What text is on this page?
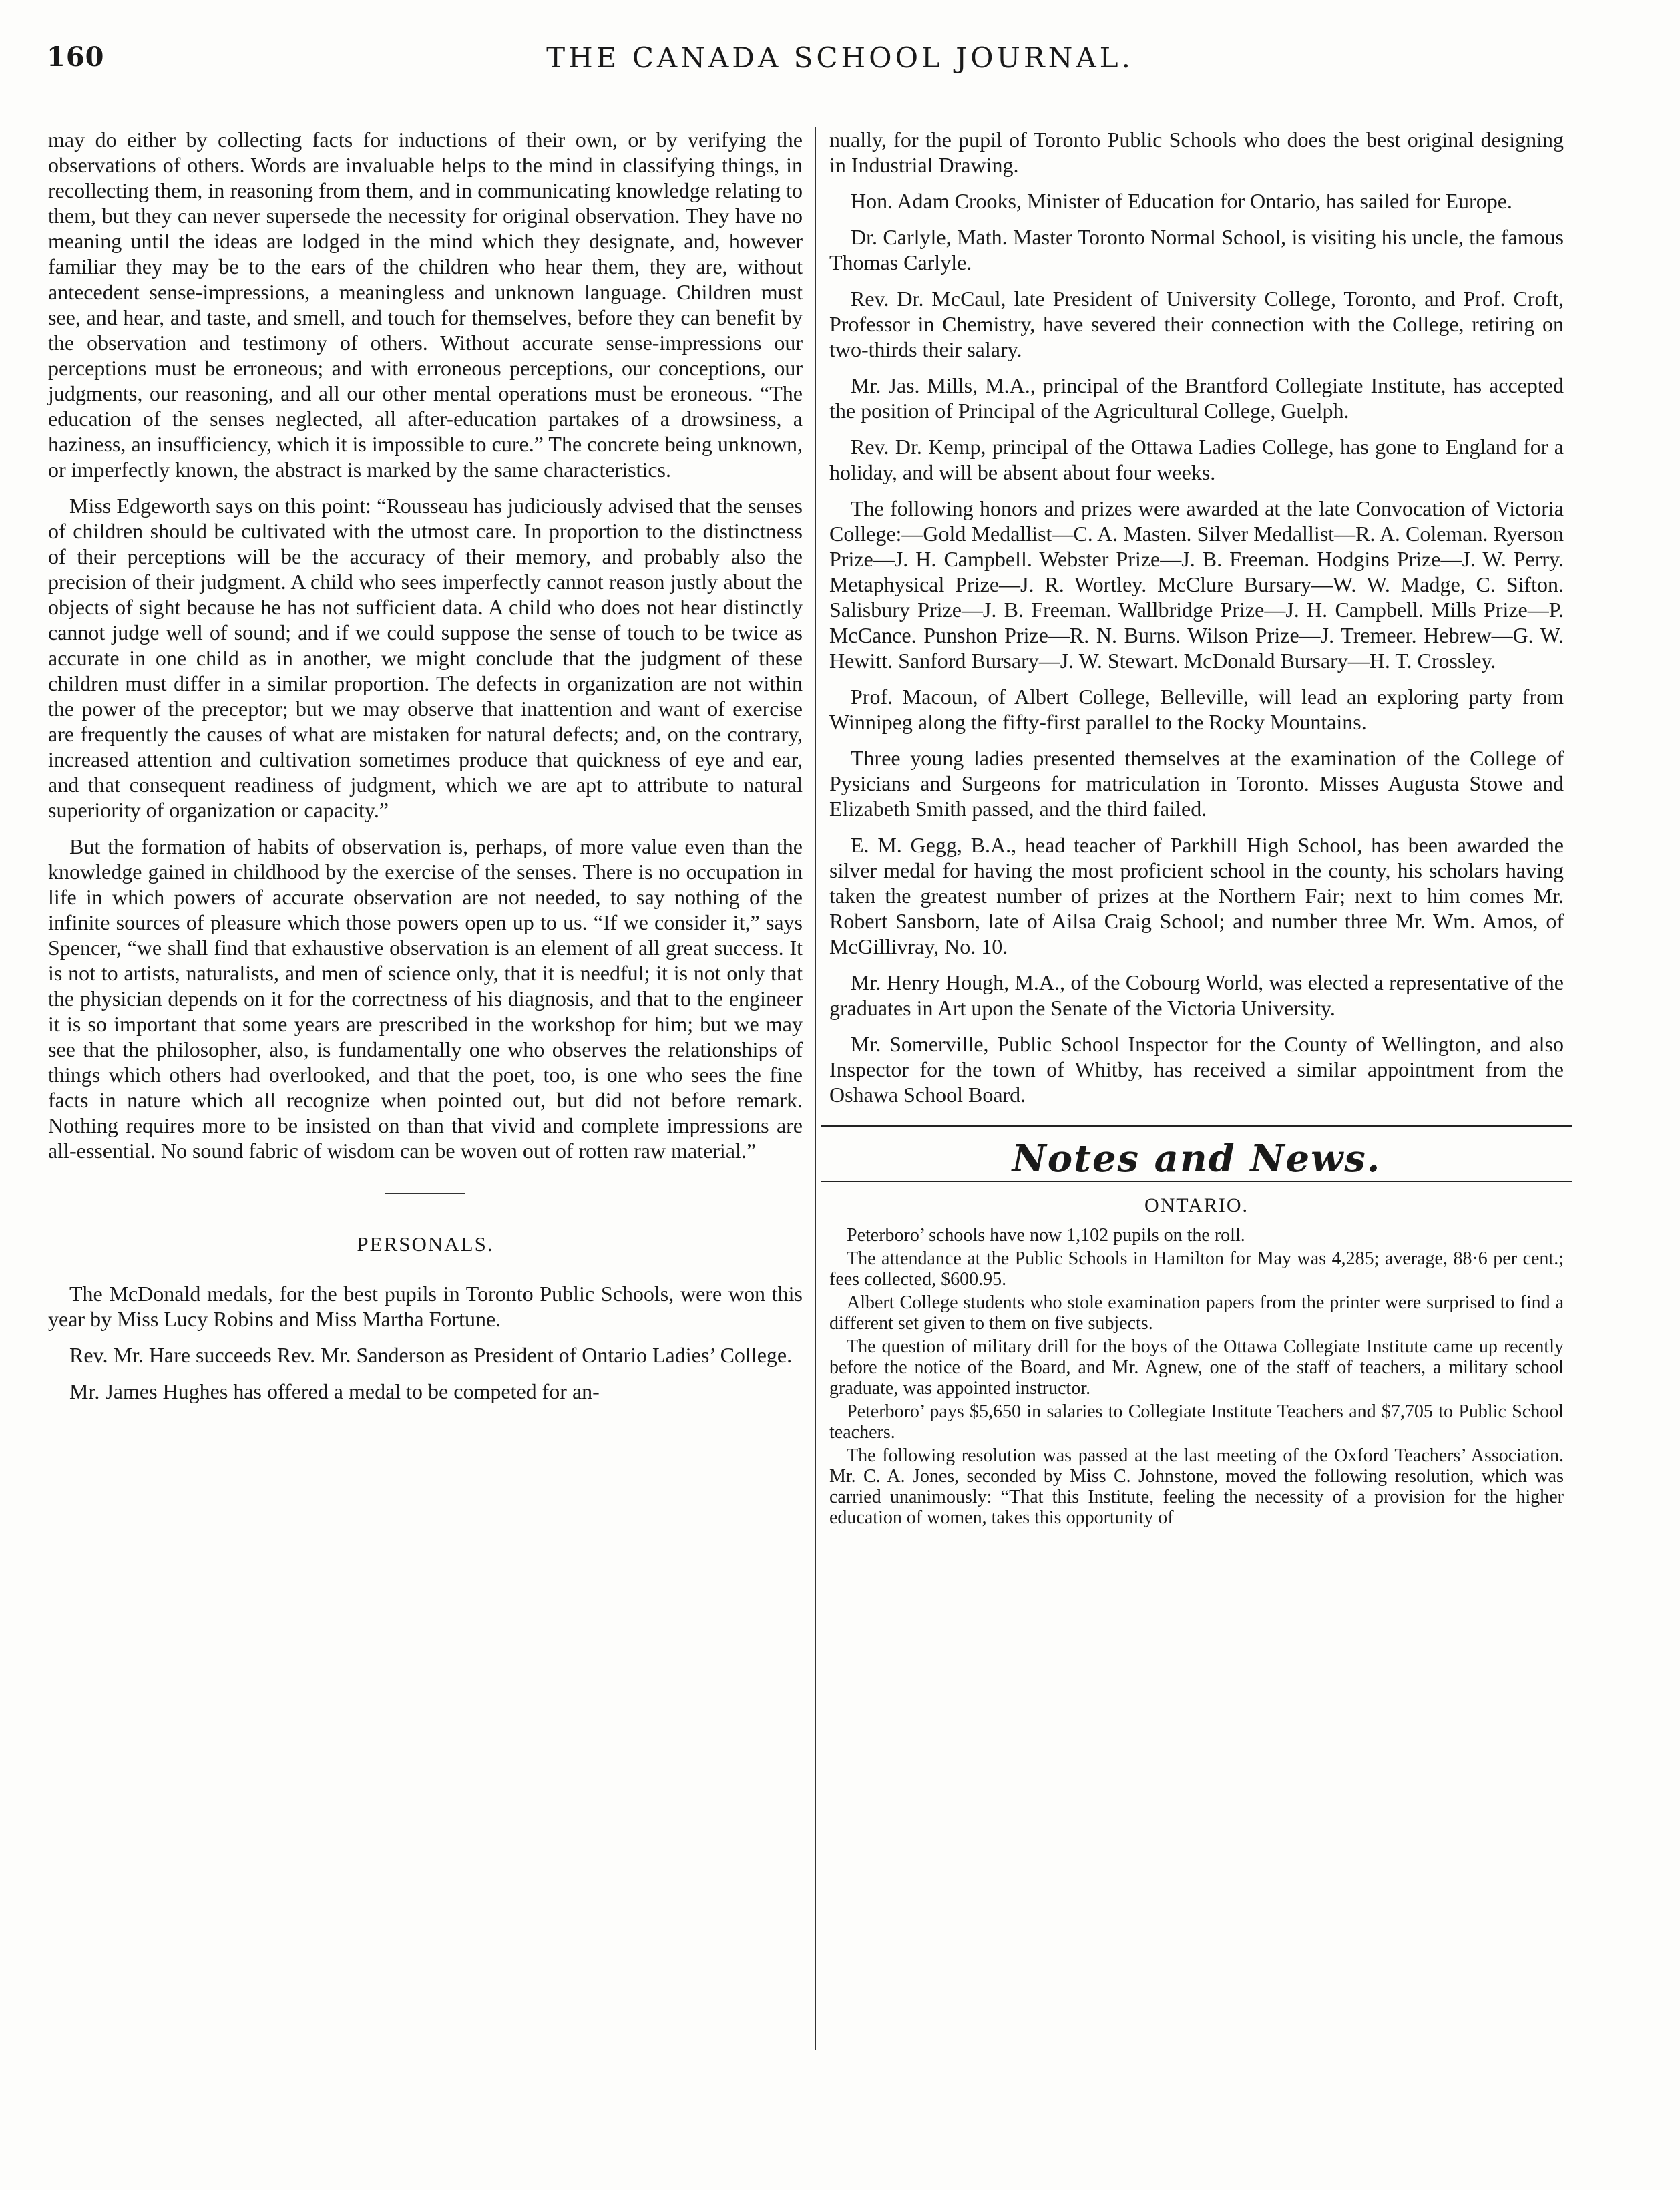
160	THE CANADA SCHOOL JOURNAL.

may do either by collecting facts for inductions of their own, or by verifying the observations of others. Words are invaluable helps to the mind in classifying things, in recollecting them, in reasoning from them, and in communicating knowledge relating to them, but they can never supersede the necessity for original observation. They have no meaning until the ideas are lodged in the mind which they designate, and, however familiar they may be to the ears of the children who hear them, they are, without antecedent sense-impressions, a meaningless and unknown language. Children must see, and hear, and taste, and smell, and touch for themselves, before they can benefit by the observation and testimony of others. Without accurate sense-impressions our perceptions must be erroneous; and with erroneous perceptions, our conceptions, our judgments, our reasoning, and all our other mental operations must be eroneous. “The education of the senses neglected, all after-education partakes of a drowsiness, a haziness, an insufficiency, which it is impossible to cure.” The concrete being unknown, or imperfectly known, the abstract is marked by the same characteristics.

Miss Edgeworth says on this point: “Rousseau has judiciously advised that the senses of children should be cultivated with the utmost care. In proportion to the distinctness of their perceptions will be the accuracy of their memory, and probably also the precision of their judgment. A child who sees imperfectly cannot reason justly about the objects of sight because he has not sufficient data. A child who does not hear distinctly cannot judge well of sound; and if we could suppose the sense of touch to be twice as accurate in one child as in another, we might conclude that the judgment of these children must differ in a similar proportion. The defects in organization are not within the power of the preceptor; but we may observe that inattention and want of exercise are frequently the causes of what are mistaken for natural defects; and, on the contrary, increased attention and cultivation sometimes produce that quickness of eye and ear, and that consequent readiness of judgment, which we are apt to attribute to natural superiority of organization or capacity.”

But the formation of habits of observation is, perhaps, of more value even than the knowledge gained in childhood by the exercise of the senses. There is no occupation in life in which powers of accurate observation are not needed, to say nothing of the infinite sources of pleasure which those powers open up to us. “If we consider it,” says Spencer, “we shall find that exhaustive observation is an element of all great success. It is not to artists, naturalists, and men of science only, that it is needful; it is not only that the physician depends on it for the correctness of his diagnosis, and that to the engineer it is so important that some years are prescribed in the workshop for him; but we may see that the philosopher, also, is fundamentally one who observes the relationships of things which others had overlooked, and that the poet, too, is one who sees the fine facts in nature which all recognize when pointed out, but did not before remark. Nothing requires more to be insisted on than that vivid and complete impressions are all-essential. No sound fabric of wisdom can be woven out of rotten raw material.”

PERSONALS.

The McDonald medals, for the best pupils in Toronto Public Schools, were won this year by Miss Lucy Robins and Miss Martha Fortune.

Rev. Mr. Hare succeeds Rev. Mr. Sanderson as President of Ontario Ladies’ College.

Mr. James Hughes has offered a medal to be competed for an-

nually, for the pupil of Toronto Public Schools who does the best original designing in Industrial Drawing.

Hon. Adam Crooks, Minister of Education for Ontario, has sailed for Europe.

Dr. Carlyle, Math. Master Toronto Normal School, is visiting his uncle, the famous Thomas Carlyle.

Rev. Dr. McCaul, late President of University College, Toronto, and Prof. Croft, Professor in Chemistry, have severed their connection with the College, retiring on two-thirds their salary.

Mr. Jas. Mills, M.A., principal of the Brantford Collegiate Institute, has accepted the position of Principal of the Agricultural College, Guelph.

Rev. Dr. Kemp, principal of the Ottawa Ladies College, has gone to England for a holiday, and will be absent about four weeks.

The following honors and prizes were awarded at the late Convocation of Victoria College:—Gold Medallist—C. A. Masten. Silver Medallist—R. A. Coleman. Ryerson Prize—J. H. Campbell. Webster Prize—J. B. Freeman. Hodgins Prize—J. W. Perry. Metaphysical Prize—J. R. Wortley. McClure Bursary—W. W. Madge, C. Sifton. Salisbury Prize—J. B. Freeman. Wallbridge Prize—J. H. Campbell. Mills Prize—P. McCance. Punshon Prize—R. N. Burns. Wilson Prize—J. Tremeer. Hebrew—G. W. Hewitt. Sanford Bursary—J. W. Stewart. McDonald Bursary—H. T. Crossley.

Prof. Macoun, of Albert College, Belleville, will lead an exploring party from Winnipeg along the fifty-first parallel to the Rocky Mountains.

Three young ladies presented themselves at the examination of the College of Pysicians and Surgeons for matriculation in Toronto. Misses Augusta Stowe and Elizabeth Smith passed, and the third failed.

E. M. Gegg, B.A., head teacher of Parkhill High School, has been awarded the silver medal for having the most proficient school in the county, his scholars having taken the greatest number of prizes at the Northern Fair; next to him comes Mr. Robert Sansborn, late of Ailsa Craig School; and number three Mr. Wm. Amos, of McGillivray, No. 10.

Mr. Henry Hough, M.A., of the Cobourg World, was elected a representative of the graduates in Art upon the Senate of the Victoria University.

Mr. Somerville, Public School Inspector for the County of Wellington, and also Inspector for the town of Whitby, has received a similar appointment from the Oshawa School Board.

Notes and News.
ONTARIO.

Peterboro’ schools have now 1,102 pupils on the roll.

The attendance at the Public Schools in Hamilton for May was 4,285; average, 88·6 per cent.; fees collected, $600.95.

Albert College students who stole examination papers from the printer were surprised to find a different set given to them on five subjects.

The question of military drill for the boys of the Ottawa Collegiate Institute came up recently before the notice of the Board, and Mr. Agnew, one of the staff of teachers, a military school graduate, was appointed instructor.

Peterboro’ pays $5,650 in salaries to Collegiate Institute Teachers and $7,705 to Public School teachers.

The following resolution was passed at the last meeting of the Oxford Teachers’ Association. Mr. C. A. Jones, seconded by Miss C. Johnstone, moved the following resolution, which was carried unanimously: “That this Institute, feeling the necessity of a provision for the higher education of women, takes this opportunity of
